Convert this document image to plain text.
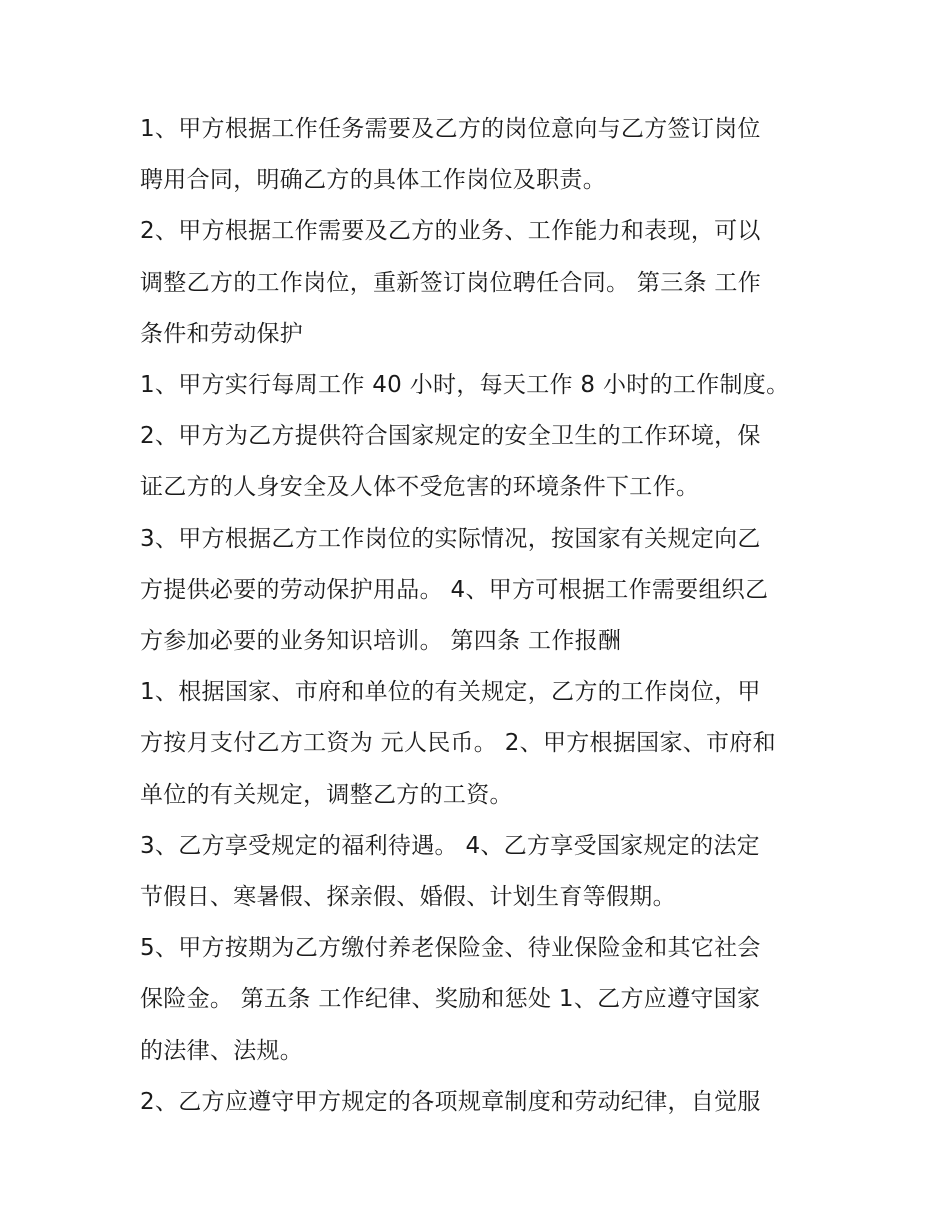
1、甲方根据工作任务需要及乙方的岗位意向与乙方签订岗位
聘用合同，明确乙方的具体工作岗位及职责。

2、甲方根据工作需要及乙方的业务、工作能力和表现，可以
调整乙方的工作岗位，重新签订岗位聘任合同。 第三条 工作
条件和劳动保护

1、甲方实行每周工作 40 小时，每天工作 8 小时的工作制度。

2、甲方为乙方提供符合国家规定的安全卫生的工作环境，保
证乙方的人身安全及人体不受危害的环境条件下工作。

3、甲方根据乙方工作岗位的实际情况，按国家有关规定向乙
方提供必要的劳动保护用品。 4、甲方可根据工作需要组织乙
方参加必要的业务知识培训。 第四条 工作报酬

1、根据国家、市府和单位的有关规定，乙方的工作岗位，甲
方按月支付乙方工资为 元人民币。 2、甲方根据国家、市府和
单位的有关规定，调整乙方的工资。

3、乙方享受规定的福利待遇。 4、乙方享受国家规定的法定
节假日、寒暑假、探亲假、婚假、计划生育等假期。

5、甲方按期为乙方缴付养老保险金、待业保险金和其它社会
保险金。 第五条 工作纪律、奖励和惩处 1、乙方应遵守国家
的法律、法规。

2、乙方应遵守甲方规定的各项规章制度和劳动纪律，自觉服
